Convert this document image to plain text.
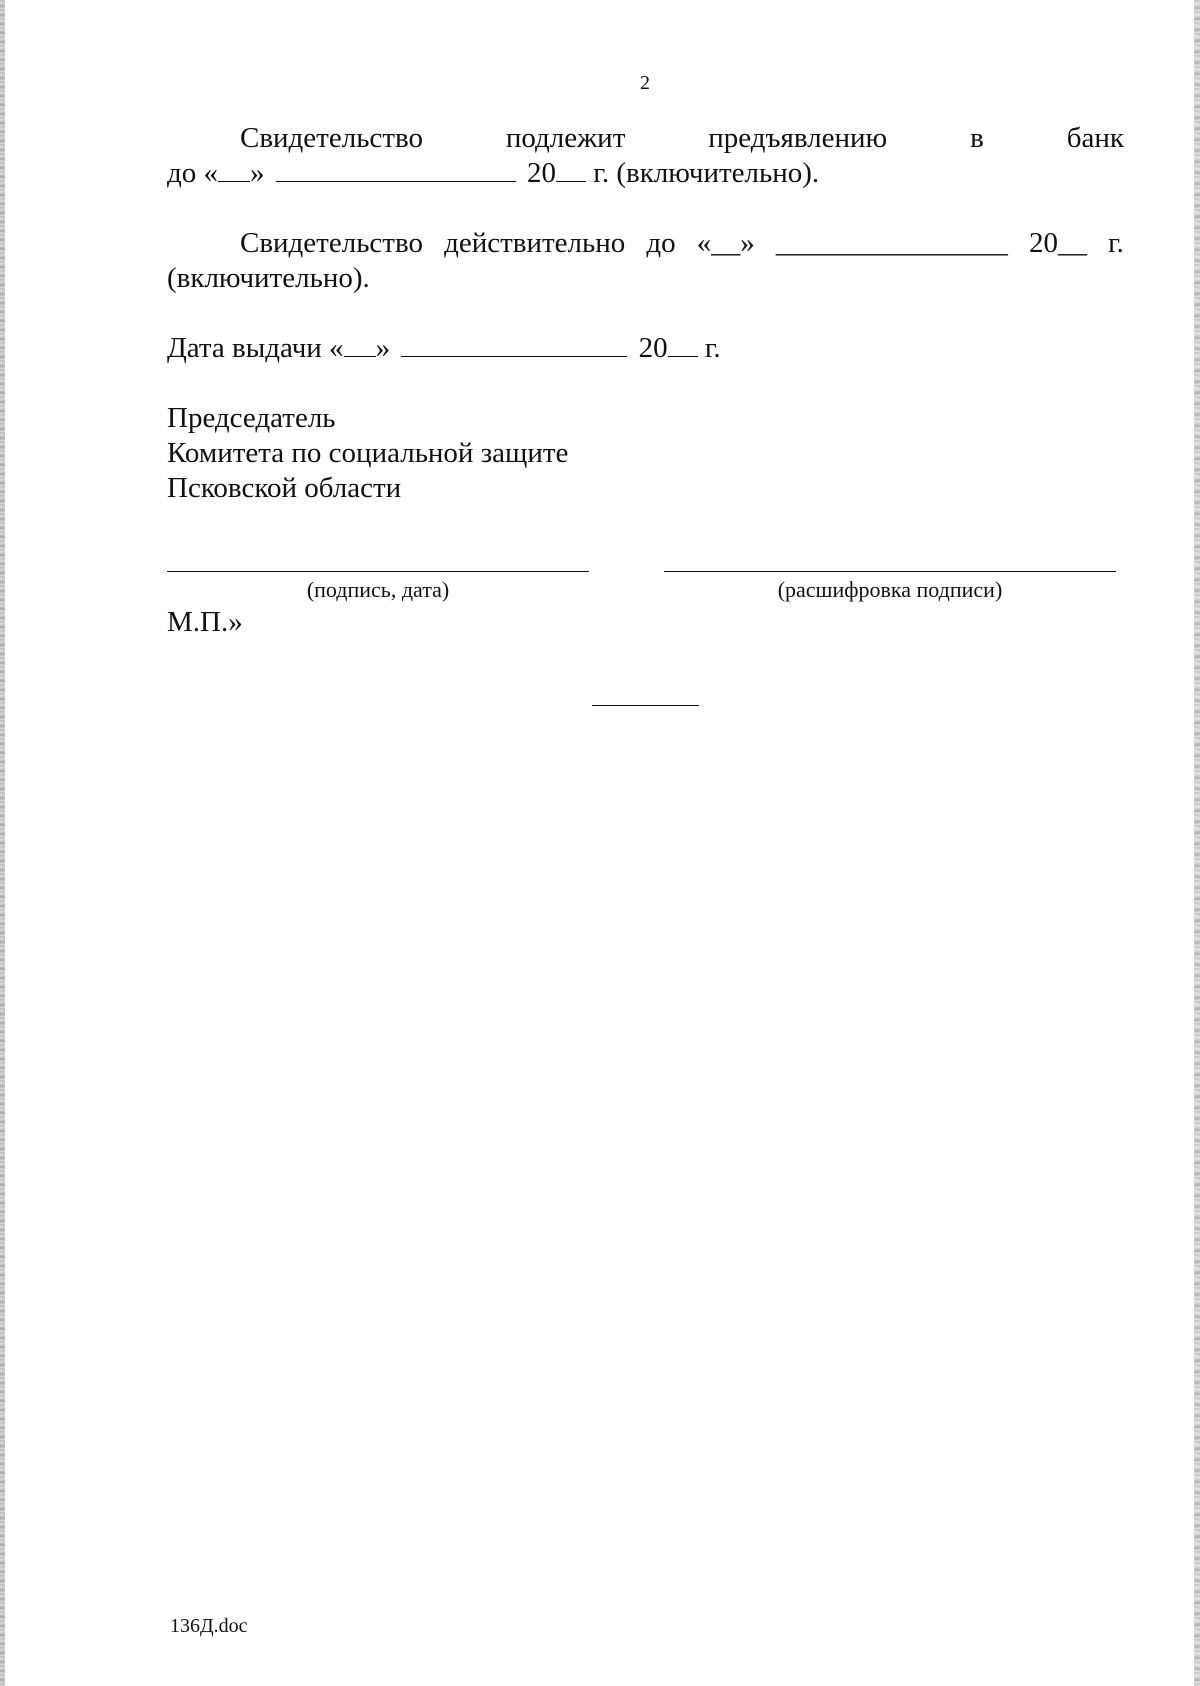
2
Свидетельство	подлежит	предъявлению	в	банк
до « »	20 г. (включительно).
Свидетельство действительно до «__» ________________ 20__ г.
(включительно).
Дата выдачи « »	20 г.
Председатель
Комитета по социальной защите
Псковской области
(подпись, дата)	(расшифровка подписи)
М.П.»
136Д.doc
